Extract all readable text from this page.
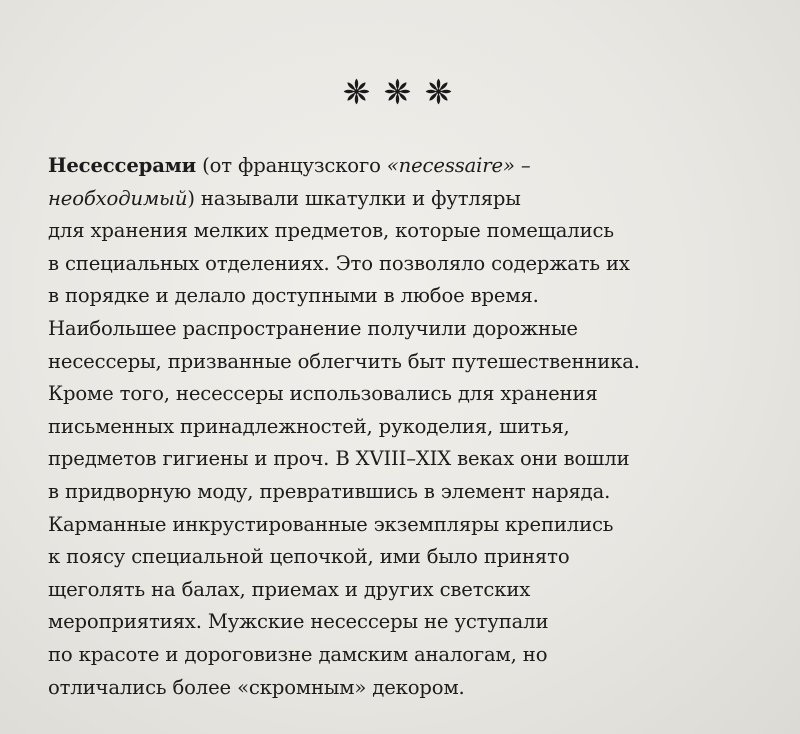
Несессерами (от французского «necessaire» –
необходимый) называли шкатулки и футляры
для хранения мелких предметов, которые помещались
в специальных отделениях. Это позволяло содержать их
в порядке и делало доступными в любое время.
Наибольшее распространение получили дорожные
несессеры, призванные облегчить быт путешественника.
Кроме того, несессеры использовались для хранения
письменных принадлежностей, рукоделия, шитья,
предметов гигиены и проч. В XVIII–XIX веках они вошли
в придворную моду, превратившись в элемент наряда.
Карманные инкрустированные экземпляры крепились
к поясу специальной цепочкой, ими было принято
щеголять на балах, приемах и других светских
мероприятиях. Мужские несессеры не уступали
по красоте и дороговизне дамским аналогам, но
отличались более «скромным» декором.
